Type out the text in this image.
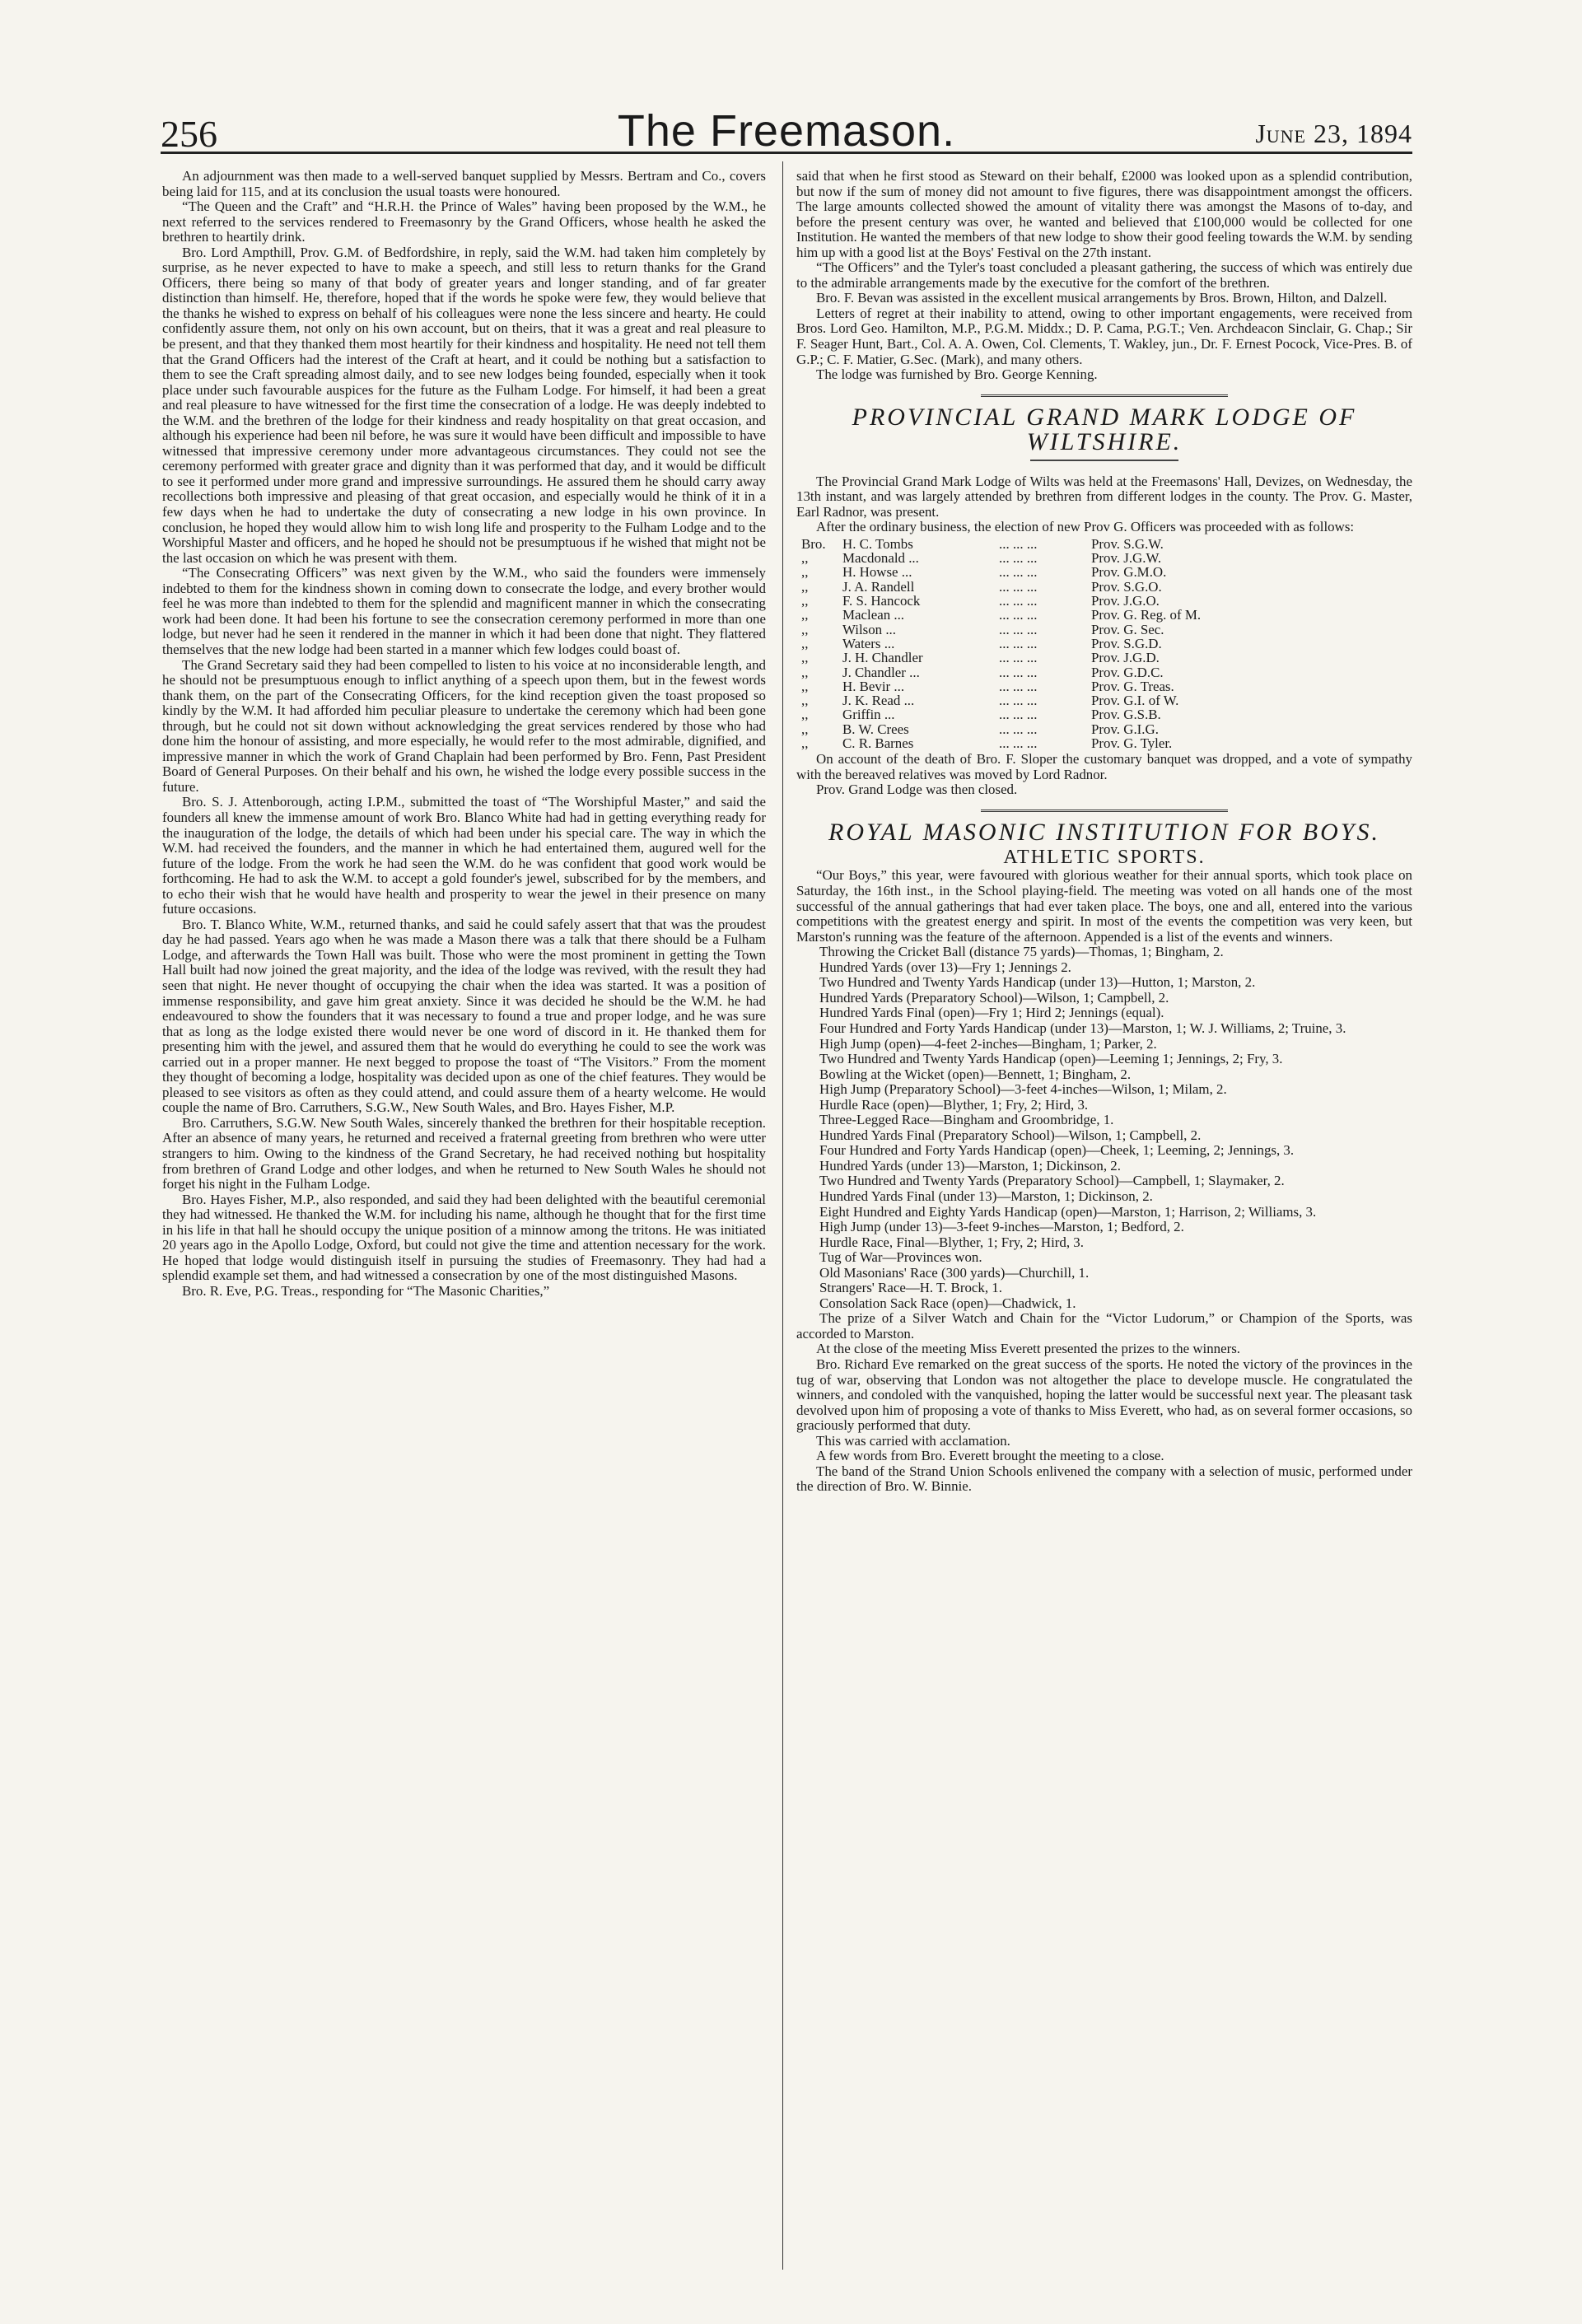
256	The Freemason.	June 23, 1894

An adjournment was then made to a well-served banquet supplied by Messrs. Bertram and Co., covers being laid for 115, and at its conclusion the usual toasts were honoured.

“The Queen and the Craft” and “H.R.H. the Prince of Wales” having been proposed by the W.M., he next referred to the services rendered to Freemasonry by the Grand Officers, whose health he asked the brethren to heartily drink.

Bro. Lord Ampthill, Prov. G.M. of Bedfordshire, in reply, said the W.M. had taken him completely by surprise, as he never expected to have to make a speech, and still less to return thanks for the Grand Officers, there being so many of that body of greater years and longer standing, and of far greater distinction than himself. He, therefore, hoped that if the words he spoke were few, they would believe that the thanks he wished to express on behalf of his colleagues were none the less sincere and hearty. He could confidently assure them, not only on his own account, but on theirs, that it was a great and real pleasure to be present, and that they thanked them most heartily for their kindness and hospitality. He need not tell them that the Grand Officers had the interest of the Craft at heart, and it could be nothing but a satisfaction to them to see the Craft spreading almost daily, and to see new lodges being founded, especially when it took place under such favourable auspices for the future as the Fulham Lodge. For himself, it had been a great and real pleasure to have witnessed for the first time the consecration of a lodge. He was deeply indebted to the W.M. and the brethren of the lodge for their kindness and ready hospitality on that great occasion, and although his experience had been nil before, he was sure it would have been difficult and impossible to have witnessed that impressive ceremony under more advantageous circumstances. They could not see the ceremony performed with greater grace and dignity than it was performed that day, and it would be difficult to see it performed under more grand and impressive surroundings. He assured them he should carry away recollections both impressive and pleasing of that great occasion, and especially would he think of it in a few days when he had to undertake the duty of consecrating a new lodge in his own province. In conclusion, he hoped they would allow him to wish long life and prosperity to the Fulham Lodge and to the Worshipful Master and officers, and he hoped he should not be presumptuous if he wished that might not be the last occasion on which he was present with them.

“The Consecrating Officers” was next given by the W.M., who said the founders were immensely indebted to them for the kindness shown in coming down to consecrate the lodge, and every brother would feel he was more than indebted to them for the splendid and magnificent manner in which the consecrating work had been done. It had been his fortune to see the consecration ceremony performed in more than one lodge, but never had he seen it rendered in the manner in which it had been done that night. They flattered themselves that the new lodge had been started in a manner which few lodges could boast of.

The Grand Secretary said they had been compelled to listen to his voice at no inconsiderable length, and he should not be presumptuous enough to inflict anything of a speech upon them, but in the fewest words thank them, on the part of the Consecrating Officers, for the kind reception given the toast proposed so kindly by the W.M. It had afforded him peculiar pleasure to undertake the ceremony which had been gone through, but he could not sit down without acknowledging the great services rendered by those who had done him the honour of assisting, and more especially, he would refer to the most admirable, dignified, and impressive manner in which the work of Grand Chaplain had been performed by Bro. Fenn, Past President Board of General Purposes. On their behalf and his own, he wished the lodge every possible success in the future.

Bro. S. J. Attenborough, acting I.P.M., submitted the toast of “The Worshipful Master,” and said the founders all knew the immense amount of work Bro. Blanco White had had in getting everything ready for the inauguration of the lodge, the details of which had been under his special care. The way in which the W.M. had received the founders, and the manner in which he had entertained them, augured well for the future of the lodge. From the work he had seen the W.M. do he was confident that good work would be forthcoming. He had to ask the W.M. to accept a gold founder's jewel, subscribed for by the members, and to echo their wish that he would have health and prosperity to wear the jewel in their presence on many future occasions.

Bro. T. Blanco White, W.M., returned thanks, and said he could safely assert that that was the proudest day he had passed. Years ago when he was made a Mason there was a talk that there should be a Fulham Lodge, and afterwards the Town Hall was built. Those who were the most prominent in getting the Town Hall built had now joined the great majority, and the idea of the lodge was revived, with the result they had seen that night. He never thought of occupying the chair when the idea was started. It was a position of immense responsibility, and gave him great anxiety. Since it was decided he should be the W.M. he had endeavoured to show the founders that it was necessary to found a true and proper lodge, and he was sure that as long as the lodge existed there would never be one word of discord in it. He thanked them for presenting him with the jewel, and assured them that he would do everything he could to see the work was carried out in a proper manner. He next begged to propose the toast of “The Visitors.” From the moment they thought of becoming a lodge, hospitality was decided upon as one of the chief features. They would be pleased to see visitors as often as they could attend, and could assure them of a hearty welcome. He would couple the name of Bro. Carruthers, S.G.W., New South Wales, and Bro. Hayes Fisher, M.P.

Bro. Carruthers, S.G.W. New South Wales, sincerely thanked the brethren for their hospitable reception. After an absence of many years, he returned and received a fraternal greeting from brethren who were utter strangers to him. Owing to the kindness of the Grand Secretary, he had received nothing but hospitality from brethren of Grand Lodge and other lodges, and when he returned to New South Wales he should not forget his night in the Fulham Lodge.

Bro. Hayes Fisher, M.P., also responded, and said they had been delighted with the beautiful ceremonial they had witnessed. He thanked the W.M. for including his name, although he thought that for the first time in his life in that hall he should occupy the unique position of a minnow among the tritons. He was initiated 20 years ago in the Apollo Lodge, Oxford, but could not give the time and attention necessary for the work. He hoped that lodge would distinguish itself in pursuing the studies of Freemasonry. They had had a splendid example set them, and had witnessed a consecration by one of the most distinguished Masons.

Bro. R. Eve, P.G. Treas., responding for “The Masonic Charities,”

said that when he first stood as Steward on their behalf, £2000 was looked upon as a splendid contribution, but now if the sum of money did not amount to five figures, there was disappointment amongst the officers. The large amounts collected showed the amount of vitality there was amongst the Masons of to-day, and before the present century was over, he wanted and believed that £100,000 would be collected for one Institution. He wanted the members of that new lodge to show their good feeling towards the W.M. by sending him up with a good list at the Boys' Festival on the 27th instant.

“The Officers” and the Tyler's toast concluded a pleasant gathering, the success of which was entirely due to the admirable arrangements made by the executive for the comfort of the brethren.

Bro. F. Bevan was assisted in the excellent musical arrangements by Bros. Brown, Hilton, and Dalzell.

Letters of regret at their inability to attend, owing to other important engagements, were received from Bros. Lord Geo. Hamilton, M.P., P.G.M. Middx.; D. P. Cama, P.G.T.; Ven. Archdeacon Sinclair, G. Chap.; Sir F. Seager Hunt, Bart., Col. A. A. Owen, Col. Clements, T. Wakley, jun., Dr. F. Ernest Pocock, Vice-Pres. B. of G.P.; C. F. Matier, G.Sec. (Mark), and many others.

The lodge was furnished by Bro. George Kenning.

PROVINCIAL GRAND MARK LODGE OF WILTSHIRE.

The Provincial Grand Mark Lodge of Wilts was held at the Freemasons' Hall, Devizes, on Wednesday, the 13th instant, and was largely attended by brethren from different lodges in the county. The Prov. G. Master, Earl Radnor, was present.

After the ordinary business, the election of new Prov G. Officers was proceeded with as follows:

Bro.	H. C. Tombs	... ... ...	Prov. S.G.W.
,,	Macdonald ...	... ... ...	Prov. J.G.W.
,,	H. Howse ...	... ... ...	Prov. G.M.O.
,,	J. A. Randell	... ... ...	Prov. S.G.O.
,,	F. S. Hancock	... ... ...	Prov. J.G.O.
,,	Maclean ...	... ... ...	Prov. G. Reg. of M.
,,	Wilson ...	... ... ...	Prov. G. Sec.
,,	Waters ...	... ... ...	Prov. S.G.D.
,,	J. H. Chandler	... ... ...	Prov. J.G.D.
,,	J. Chandler ...	... ... ...	Prov. G.D.C.
,,	H. Bevir ...	... ... ...	Prov. G. Treas.
,,	J. K. Read ...	... ... ...	Prov. G.I. of W.
,,	Griffin ...	... ... ...	Prov. G.S.B.
,,	B. W. Crees	... ... ...	Prov. G.I.G.
,,	C. R. Barnes	... ... ...	Prov. G. Tyler.

On account of the death of Bro. F. Sloper the customary banquet was dropped, and a vote of sympathy with the bereaved relatives was moved by Lord Radnor.

Prov. Grand Lodge was then closed.

ROYAL MASONIC INSTITUTION FOR BOYS.
ATHLETIC SPORTS.

“Our Boys,” this year, were favoured with glorious weather for their annual sports, which took place on Saturday, the 16th inst., in the School playing-field. The meeting was voted on all hands one of the most successful of the annual gatherings that had ever taken place. The boys, one and all, entered into the various competitions with the greatest energy and spirit. In most of the events the competition was very keen, but Marston's running was the feature of the afternoon. Appended is a list of the events and winners.

Throwing the Cricket Ball (distance 75 yards)—Thomas, 1; Bingham, 2.

Hundred Yards (over 13)—Fry 1; Jennings 2.

Two Hundred and Twenty Yards Handicap (under 13)—Hutton, 1; Marston, 2.

Hundred Yards (Preparatory School)—Wilson, 1; Campbell, 2.

Hundred Yards Final (open)—Fry 1; Hird 2; Jennings (equal).

Four Hundred and Forty Yards Handicap (under 13)—Marston, 1; W. J. Williams, 2; Truine, 3.

High Jump (open)—4-feet 2-inches—Bingham, 1; Parker, 2.

Two Hundred and Twenty Yards Handicap (open)—Leeming 1; Jennings, 2; Fry, 3.

Bowling at the Wicket (open)—Bennett, 1; Bingham, 2.

High Jump (Preparatory School)—3-feet 4-inches—Wilson, 1; Milam, 2.

Hurdle Race (open)—Blyther, 1; Fry, 2; Hird, 3.

Three-Legged Race—Bingham and Groombridge, 1.

Hundred Yards Final (Preparatory School)—Wilson, 1; Campbell, 2.

Four Hundred and Forty Yards Handicap (open)—Cheek, 1; Leeming, 2; Jennings, 3.

Hundred Yards (under 13)—Marston, 1; Dickinson, 2.

Two Hundred and Twenty Yards (Preparatory School)—Campbell, 1; Slaymaker, 2.

Hundred Yards Final (under 13)—Marston, 1; Dickinson, 2.

Eight Hundred and Eighty Yards Handicap (open)—Marston, 1; Harrison, 2; Williams, 3.

High Jump (under 13)—3-feet 9-inches—Marston, 1; Bedford, 2.

Hurdle Race, Final—Blyther, 1; Fry, 2; Hird, 3.

Tug of War—Provinces won.

Old Masonians' Race (300 yards)—Churchill, 1.

Strangers' Race—H. T. Brock, 1.

Consolation Sack Race (open)—Chadwick, 1.

The prize of a Silver Watch and Chain for the “Victor Ludorum,” or Champion of the Sports, was accorded to Marston.

At the close of the meeting Miss Everett presented the prizes to the winners.

Bro. Richard Eve remarked on the great success of the sports. He noted the victory of the provinces in the tug of war, observing that London was not altogether the place to develope muscle. He congratulated the winners, and condoled with the vanquished, hoping the latter would be successful next year. The pleasant task devolved upon him of proposing a vote of thanks to Miss Everett, who had, as on several former occasions, so graciously performed that duty.

This was carried with acclamation.

A few words from Bro. Everett brought the meeting to a close.

The band of the Strand Union Schools enlivened the company with a selection of music, performed under the direction of Bro. W. Binnie.
